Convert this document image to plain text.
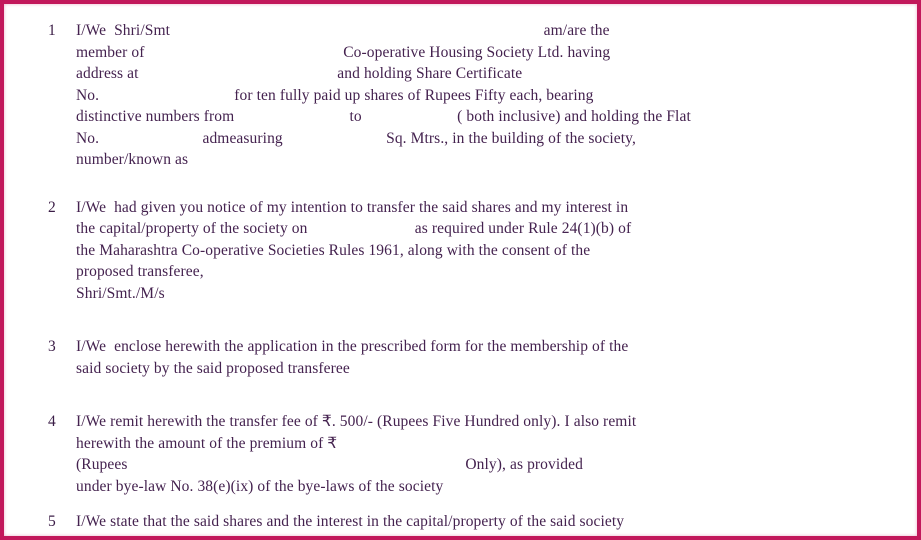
1	I/We  Shri/Smt                                                                                              am/are the
member of                                                  Co-operative Housing Society Ltd. having
address at                                                  and holding Share Certificate
No.                                  for ten fully paid up shares of Rupees Fifty each, bearing
distinctive numbers from                             to                        ( both inclusive) and holding the Flat
No.                          admeasuring                          Sq. Mtrs., in the building of the society,
number/known as
2	I/We  had given you notice of my intention to transfer the said shares and my interest in
the capital/property of the society on                           as required under Rule 24(1)(b) of
the Maharashtra Co-operative Societies Rules 1961, along with the consent of the
proposed transferee,
Shri/Smt./M/s
3	I/We  enclose herewith the application in the prescribed form for the membership of the
said society by the said proposed transferee
4	I/We remit herewith the transfer fee of ₹. 500/- (Rupees Five Hundred only). I also remit
herewith the amount of the premium of ₹
(Rupees                                                                                     Only), as provided
under bye-law No. 38(e)(ix) of the bye-laws of the society
5	I/We state that the said shares and the interest in the capital/property of the said society
